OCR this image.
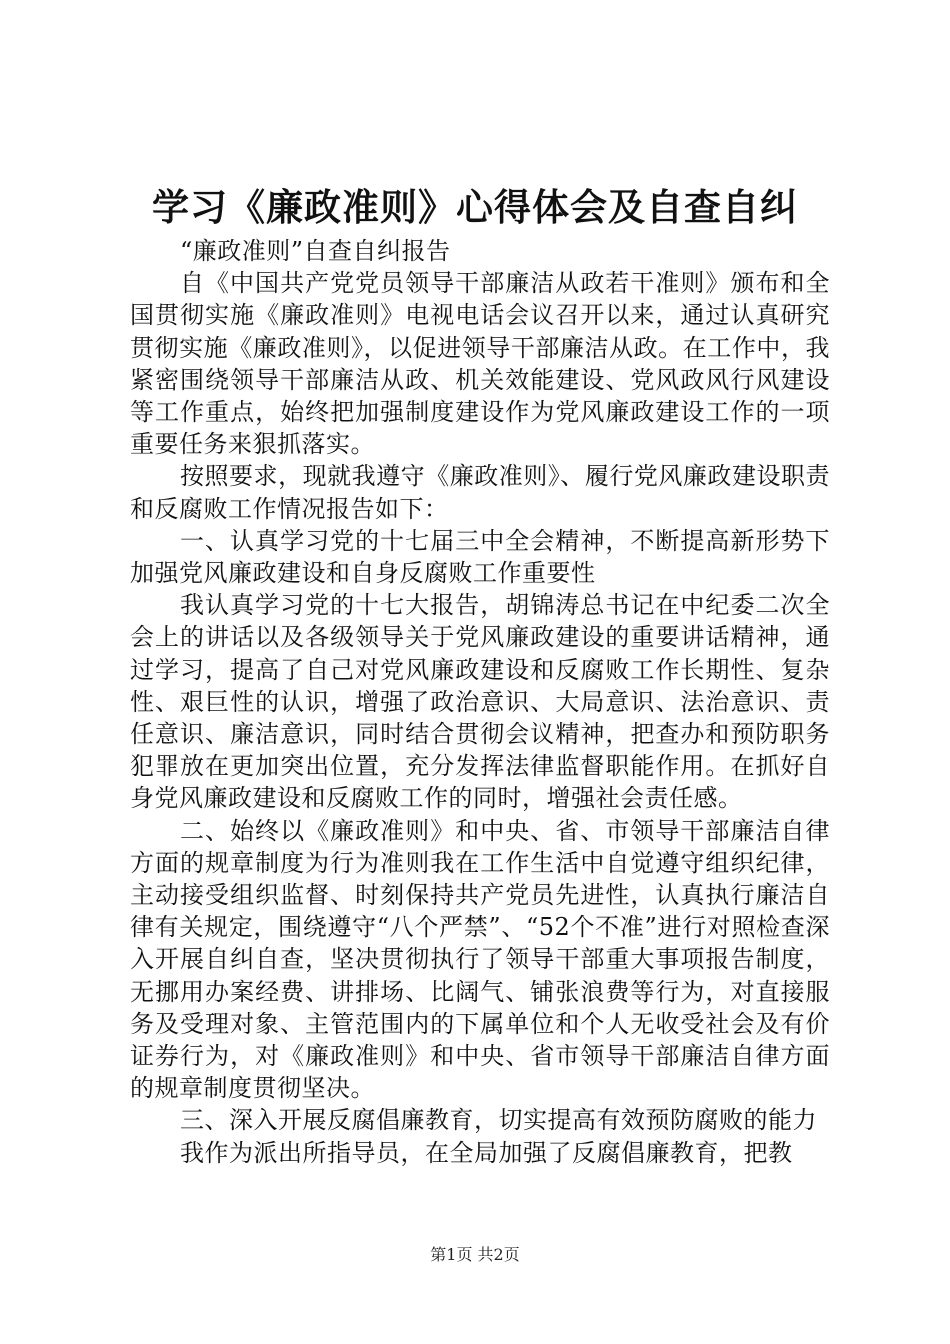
学习《廉政准则》心得体会及自查自纠

“廉政准则”自查自纠报告

自《中国共产党党员领导干部廉洁从政若干准则》颁布和全国贯彻实施《廉政准则》电视电话会议召开以来，通过认真研究贯彻实施《廉政准则》，以促进领导干部廉洁从政。在工作中，我紧密围绕领导干部廉洁从政、机关效能建设、党风政风行风建设等工作重点，始终把加强制度建设作为党风廉政建设工作的一项重要任务来狠抓落实。

按照要求，现就我遵守《廉政准则》、履行党风廉政建设职责和反腐败工作情况报告如下：

一、认真学习党的十七届三中全会精神，不断提高新形势下加强党风廉政建设和自身反腐败工作重要性

我认真学习党的十七大报告，胡锦涛总书记在中纪委二次全会上的讲话以及各级领导关于党风廉政建设的重要讲话精神，通过学习，提高了自己对党风廉政建设和反腐败工作长期性、复杂性、艰巨性的认识，增强了政治意识、大局意识、法治意识、责任意识、廉洁意识，同时结合贯彻会议精神，把查办和预防职务犯罪放在更加突出位置，充分发挥法律监督职能作用。在抓好自身党风廉政建设和反腐败工作的同时，增强社会责任感。

二、始终以《廉政准则》和中央、省、市领导干部廉洁自律方面的规章制度为行为准则我在工作生活中自觉遵守组织纪律，主动接受组织监督、时刻保持共产党员先进性，认真执行廉洁自律有关规定，围绕遵守“八个严禁”、“52个不准”进行对照检查深入开展自纠自查，坚决贯彻执行了领导干部重大事项报告制度，无挪用办案经费、讲排场、比阔气、铺张浪费等行为，对直接服务及受理对象、主管范围内的下属单位和个人无收受社会及有价证券行为，对《廉政准则》和中央、省市领导干部廉洁自律方面的规章制度贯彻坚决。

三、深入开展反腐倡廉教育，切实提高有效预防腐败的能力

我作为派出所指导员，在全局加强了反腐倡廉教育，把教

第1页 共2页
